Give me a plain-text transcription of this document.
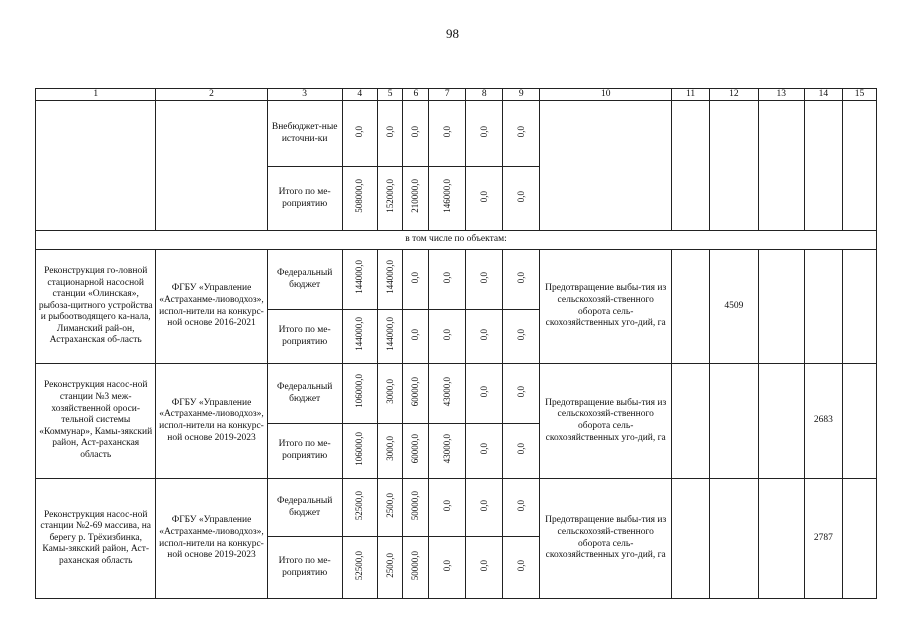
98
1	2	3	4	5	6	7	8	9	10	11	12	13	14	15
		Внебюджет-ные источни-ки	0,0	0,0	0,0	0,0	0,0	0,0						
		Итого по ме-роприятию	508000,0	152000,0	210000,0	146000,0	0,0	0,0						
в том числе по объектам:														
Реконструкция го-ловной стационарной насосной станции «Олинская», рыбоза-щитного устройства и рыбоотводящего ка-нала, Лиманский рай-он, Астраханская об-ласть	ФГБУ «Управление «Астраханме-лиоводхоз», испол-нители на конкурс-ной основе 2016-2021	Федеральный бюджет	144000,0	144000,0	0,0	0,0	0,0	0,0	Предотвращение выбы-тия из сельскохозяй-ственного оборота сель-скохозяйственных уго-дий, га		4509			
		Итого по ме-роприятию	144000,0	144000,0	0,0	0,0	0,0	0,0						
Реконструкция насос-ной станции №3 меж-хозяйственной ороси-тельной системы «Коммунар», Камы-зякский район, Аст-раханская область	ФГБУ «Управление «Астраханме-лиоводхоз», испол-нители на конкурс-ной основе 2019-2023	Федеральный бюджет	106000,0	3000,0	60000,0	43000,0	0,0	0,0	Предотвращение выбы-тия из сельскохозяй-ственного оборота сель-скохозяйственных уго-дий, га				2683	
		Итого по ме-роприятию	106000,0	3000,0	60000,0	43000,0	0,0	0,0						
Реконструкция насос-ной станции №2-69 массива, на берегу р. Трёхизбинка, Камы-зякский район, Аст-раханская область	ФГБУ «Управление «Астраханме-лиоводхоз», испол-нители на конкурс-ной основе 2019-2023	Федеральный бюджет	52500,0	2500,0	50000,0	0,0	0,0	0,0	Предотвращение выбы-тия из сельскохозяй-ственного оборота сель-скохозяйственных уго-дий, га				2787	
		Итого по ме-роприятию	52500,0	2500,0	50000,0	0,0	0,0	0,0						
